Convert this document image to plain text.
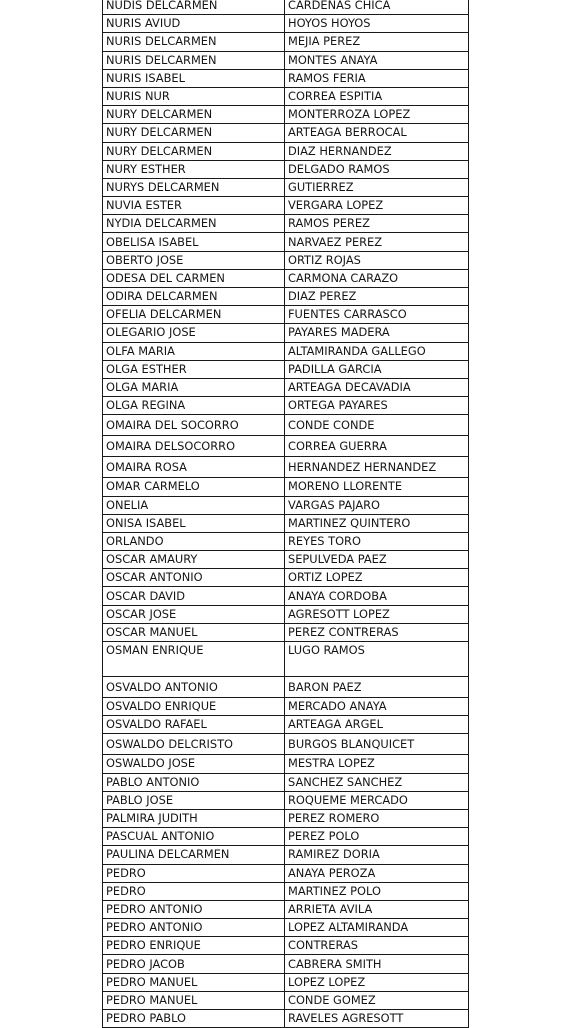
NUDIS DELCARMEN	CARDENAS CHICA
NURIS AVIUD	HOYOS HOYOS
NURIS DELCARMEN	MEJIA PEREZ
NURIS DELCARMEN	MONTES ANAYA
NURIS ISABEL	RAMOS FERIA
NURIS NUR	CORREA ESPITIA
NURY DELCARMEN	MONTERROZA LOPEZ
NURY DELCARMEN	ARTEAGA BERROCAL
NURY DELCARMEN	DIAZ HERNANDEZ
NURY ESTHER	DELGADO RAMOS
NURYS DELCARMEN	GUTIERREZ
NUVIA ESTER	VERGARA LOPEZ
NYDIA DELCARMEN	RAMOS PEREZ
OBELISA ISABEL	NARVAEZ PEREZ
OBERTO JOSE	ORTIZ ROJAS
ODESA DEL CARMEN	CARMONA CARAZO
ODIRA DELCARMEN	DIAZ PEREZ
OFELIA DELCARMEN	FUENTES CARRASCO
OLEGARIO JOSE	PAYARES MADERA
OLFA MARIA	ALTAMIRANDA GALLEGO
OLGA ESTHER	PADILLA GARCIA
OLGA MARIA	ARTEAGA DECAVADIA
OLGA REGINA	ORTEGA PAYARES
OMAIRA DEL SOCORRO	CONDE CONDE
OMAIRA DELSOCORRO	CORREA GUERRA
OMAIRA ROSA	HERNANDEZ HERNANDEZ
OMAR CARMELO	MORENO LLORENTE
ONELIA	VARGAS PAJARO
ONISA ISABEL	MARTINEZ QUINTERO
ORLANDO	REYES TORO
OSCAR AMAURY	SEPULVEDA PAEZ
OSCAR ANTONIO	ORTIZ LOPEZ
OSCAR DAVID	ANAYA CORDOBA
OSCAR JOSE	AGRESOTT LOPEZ
OSCAR MANUEL	PEREZ CONTRERAS
OSMAN ENRIQUE	LUGO RAMOS
OSVALDO ANTONIO	BARON PAEZ
OSVALDO ENRIQUE	MERCADO ANAYA
OSVALDO RAFAEL	ARTEAGA ARGEL
OSWALDO DELCRISTO	BURGOS BLANQUICET
OSWALDO JOSE	MESTRA LOPEZ
PABLO ANTONIO	SANCHEZ SANCHEZ
PABLO JOSE	ROQUEME MERCADO
PALMIRA JUDITH	PEREZ ROMERO
PASCUAL ANTONIO	PEREZ POLO
PAULINA DELCARMEN	RAMIREZ DORIA
PEDRO	ANAYA PEROZA
PEDRO	MARTINEZ POLO
PEDRO ANTONIO	ARRIETA AVILA
PEDRO ANTONIO	LOPEZ ALTAMIRANDA
PEDRO ENRIQUE	CONTRERAS
PEDRO JACOB	CABRERA SMITH
PEDRO MANUEL	LOPEZ LOPEZ
PEDRO MANUEL	CONDE GOMEZ
PEDRO PABLO	RAVELES AGRESOTT
